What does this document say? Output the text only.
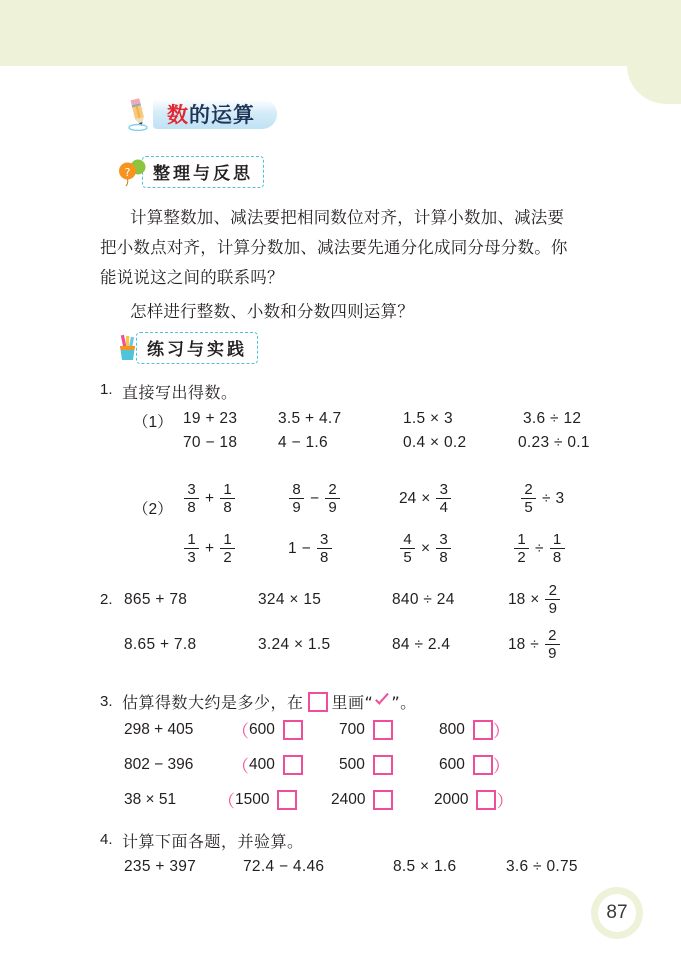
数 的运算
?	整理与反思
计算整数加、减法要把相同数位对齐，计算小数加、减法要
把小数点对齐，计算分数加、减法要先通分化成同分母分数。你
能说说这之间的联系吗？
怎样进行整数、小数和分数四则运算？
练习与实践
1. 直接写出得数。
（1） 19 + 23	3.5 + 4.7	1.5 × 3	3.6 ÷ 12
70 − 18	4 − 1.6	0.4 × 0.2	0.23 ÷ 0.1
$(2) \frac{3}{8} + \frac{1}{8}$	$\frac{8}{9} - \frac{2}{9}$	$24 \times \frac{3}{4}$	$\frac{2}{5} \div 3$
$\frac{1}{3} + \frac{1}{2}$	$1 - \frac{3}{8}$	$\frac{4}{5} \times \frac{3}{8}$	$\frac{1}{2} \div \frac{1}{8}$
2. 865 + 78	324 × 15	840 ÷ 24	$18 \times \frac{2}{9}$
8.65 + 7.8	3.24 × 1.5	84 ÷ 2.4	$18 \div \frac{2}{9}$
3. 估算得数大约是多少，在 里画“ ”。
298 + 405	（ 600	700	800 ）
802 − 396	（ 400	500	600 ）
38 × 51	（ 1500	2400	2000 ）
4. 计算下面各题，并验算。
235 + 397	72.4 − 4.46	8.5 × 1.6	3.6 ÷ 0.75
87
